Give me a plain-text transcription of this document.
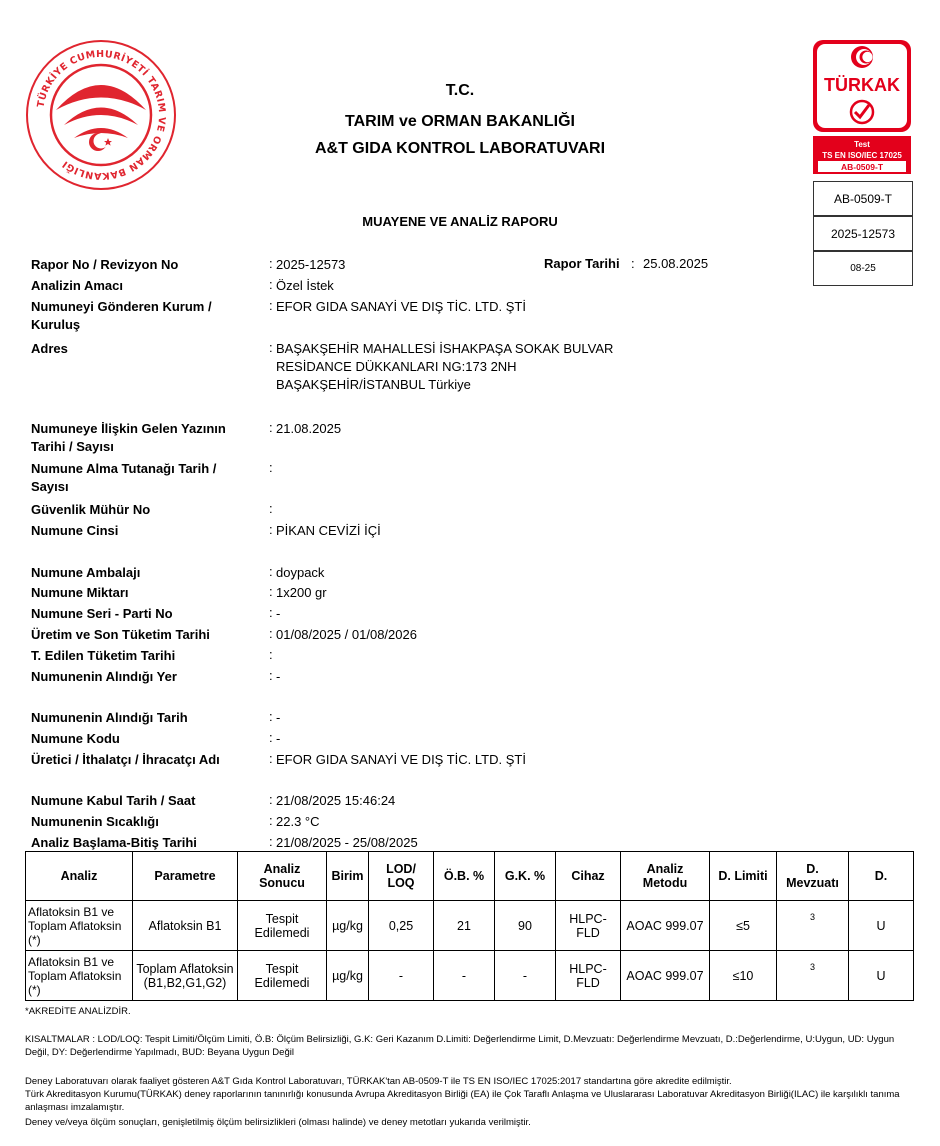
TÜRKİYE CUMHURİYETİ TARIM VE ORMAN BAKANLIĞI
T.C.
TARIM ve ORMAN BAKANLIĞI
A&T GIDA KONTROL LABORATUVARI
MUAYENE VE ANALİZ RAPORU
TÜRKAK
Test
TS EN ISO/IEC 17025
AB-0509-T
AB-0509-T
2025-12573
08-25
Rapor No / Revizyon No	: 2025-12573	Rapor Tarihi : 25.08.2025
Analizin Amacı	: Özel İstek
Numuneyi Gönderen Kurum / Kuruluş
: EFOR GIDA SANAYİ VE DIŞ TİC. LTD. ŞTİ
Adres	: BAŞAKŞEHİR MAHALLESİ İSHAKPAŞA SOKAK BULVAR
RESİDANCE DÜKKANLARI NG:173 2NH
BAŞAKŞEHİR/İSTANBUL Türkiye
Numuneye İlişkin Gelen Yazının Tarihi / Sayısı
: 21.08.2025
Numune Alma Tutanağı Tarih / Sayısı
:
Güvenlik Mühür No	:
Numune Cinsi	: PİKAN CEVİZİ İÇİ
Numune Ambalajı	: doypack
Numune Miktarı	: 1x200 gr
Numune Seri - Parti No	: -
Üretim ve Son Tüketim Tarihi	: 01/08/2025 / 01/08/2026
T. Edilen Tüketim Tarihi	:
Numunenin Alındığı Yer	: -
Numunenin Alındığı Tarih	: -
Numune Kodu	: -
Üretici / İthalatçı / İhracatçı Adı	: EFOR GIDA SANAYİ VE DIŞ TİC. LTD. ŞTİ
Numune Kabul Tarih / Saat	: 21/08/2025 15:46:24
Numunenin Sıcaklığı	: 22.3 °C
Analiz Başlama-Bitiş Tarihi	: 21/08/2025 - 25/08/2025
Analiz	Parametre	Analiz Sonucu	Birim	LOD/ LOQ	Ö.B. %	G.K. %	Cihaz	Analiz Metodu	D. Limiti	D. Mevzuatı	D.
Aflatoksin B1 ve Toplam Aflatoksin (*)	Aflatoksin B1	Tespit Edilemedi	µg/kg	0,25	21	90	HLPC-FLD	AOAC 999.07	≤5	$^3$	U
Aflatoksin B1 ve Toplam Aflatoksin (*)	Toplam Aflatoksin (B1,B2,G1,G2)	Tespit Edilemedi	µg/kg	-	-	-	HLPC-FLD	AOAC 999.07	≤10	$^3$	U
*AKREDİTE ANALİZDİR.
KISALTMALAR : LOD/LOQ: Tespit Limiti/Ölçüm Limiti, Ö.B: Ölçüm Belirsizliği, G.K: Geri Kazanım D.Limiti: Değerlendirme Limit, D.Mevzuatı: Değerlendirme Mevzuatı, D.:Değerlendirme, U:Uygun, UD: Uygun Değil, DY: Değerlendirme Yapılmadı, BUD: Beyana Uygun Değil
Deney Laboratuvarı olarak faaliyet gösteren A&T Gıda Kontrol Laboratuvarı, TÜRKAK'tan AB-0509-T ile TS EN ISO/IEC 17025:2017 standartına göre akredite edilmiştir.
Türk Akreditasyon Kurumu(TÜRKAK) deney raporlarının tanınırlığı konusunda Avrupa Akreditasyon Birliği (EA) ile Çok Taraflı Anlaşma ve Uluslararası Laboratuvar Akreditasyon Birliği(ILAC) ile karşılıklı tanıma anlaşması imzalamıştır.
Deney ve/veya ölçüm sonuçları, genişletilmiş ölçüm belirsizlikleri (olması halinde) ve deney metotları yukarıda verilmiştir.
